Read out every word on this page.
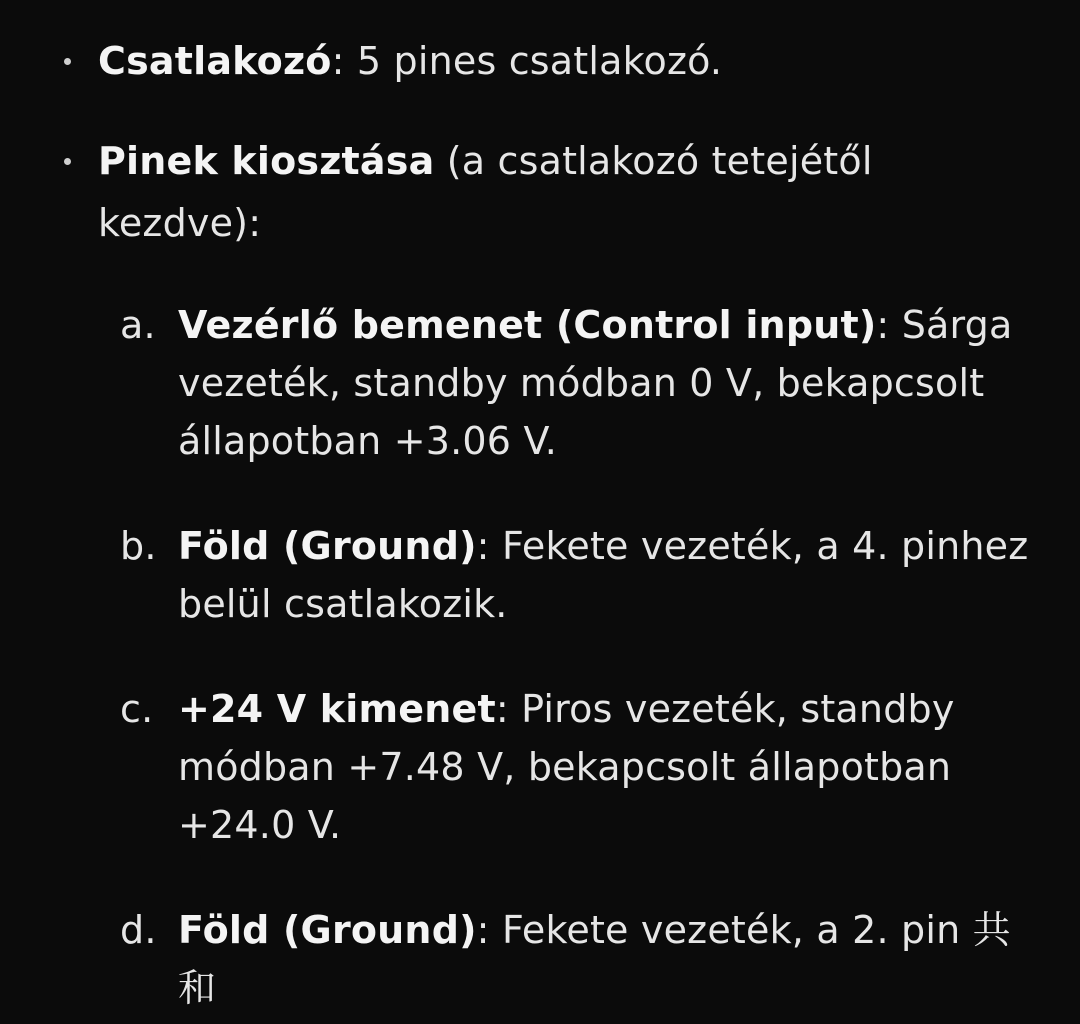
Csatlakozó: 5 pines csatlakozó.
Pinek kiosztása (a csatlakozó tetejétől kezdve):
a. Vezérlő bemenet (Control input): Sárga vezeték, standby módban 0 V, bekapcsolt állapotban +3.06 V.
b. Föld (Ground): Fekete vezeték, a 4. pinhez belül csatlakozik.
c. +24 V kimenet: Piros vezeték, standby módban +7.48 V, bekapcsolt állapotban +24.0 V.
d. Föld (Ground): Fekete vezeték, a 2. pin 共和
